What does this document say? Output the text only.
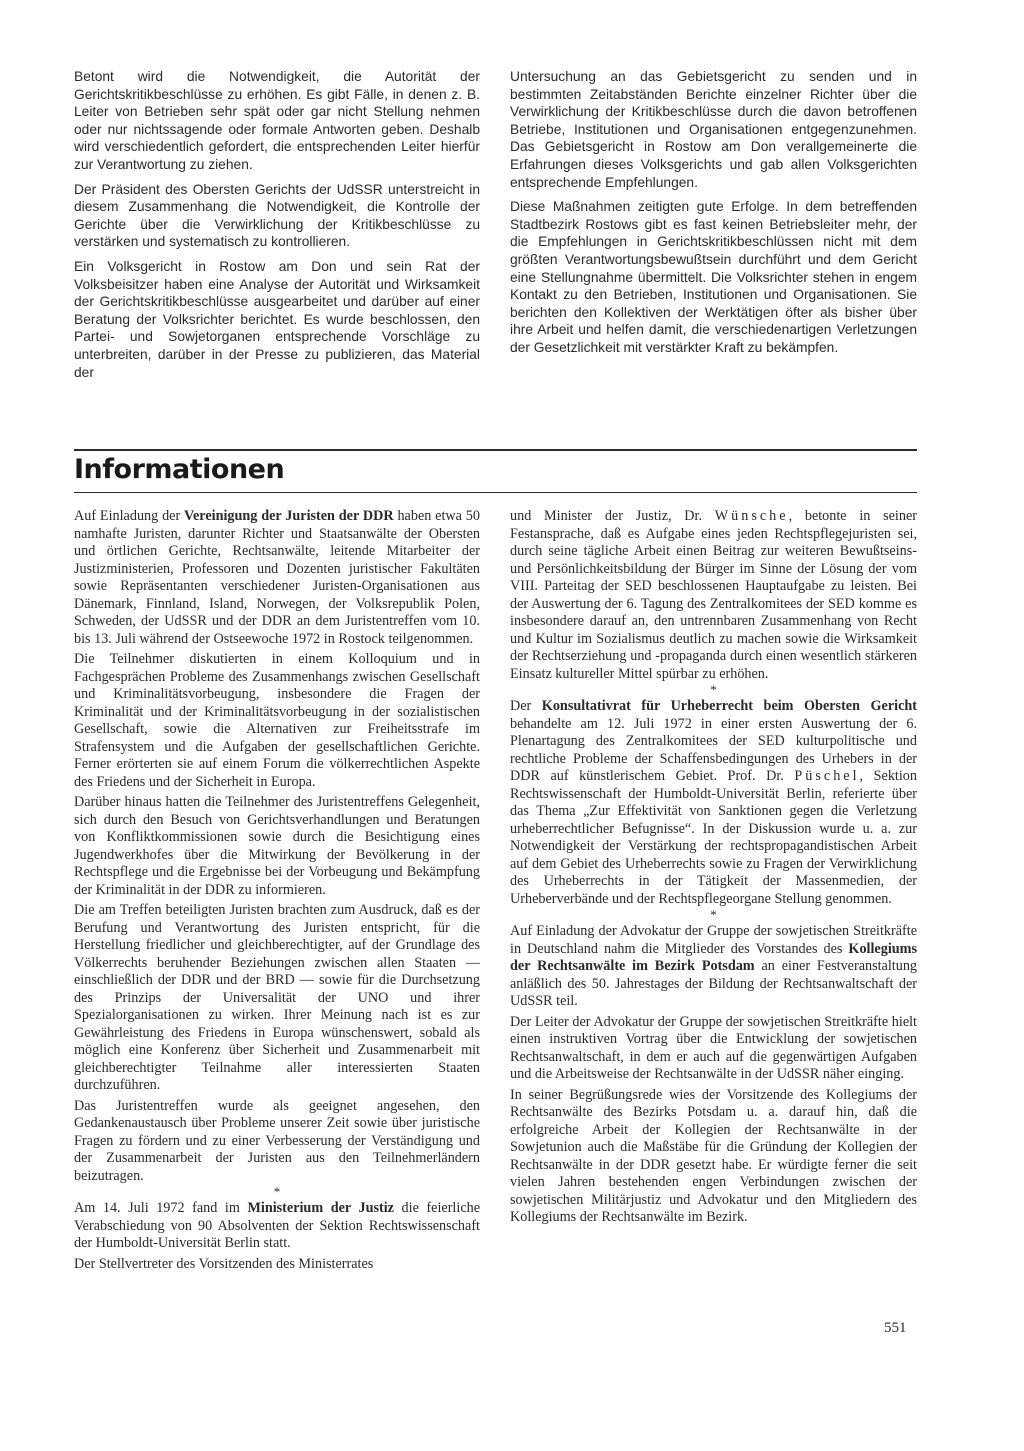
Betont wird die Notwendigkeit, die Autorität der Gerichtskritikbeschlüsse zu erhöhen. Es gibt Fälle, in denen z. B. Leiter von Betrieben sehr spät oder gar nicht Stellung nehmen oder nur nichtssagende oder formale Antworten geben. Deshalb wird verschiedentlich gefordert, die entsprechenden Leiter hierfür zur Verantwortung zu ziehen.

Der Präsident des Obersten Gerichts der UdSSR unterstreicht in diesem Zusammenhang die Notwendigkeit, die Kontrolle der Gerichte über die Verwirklichung der Kritikbeschlüsse zu verstärken und systematisch zu kontrollieren.

Ein Volksgericht in Rostow am Don und sein Rat der Volksbeisitzer haben eine Analyse der Autorität und Wirksamkeit der Gerichtskritikbeschlüsse ausgearbeitet und darüber auf einer Beratung der Volksrichter berichtet. Es wurde beschlossen, den Partei- und Sowjetorganen entsprechende Vorschläge zu unterbreiten, darüber in der Presse zu publizieren, das Material der

Untersuchung an das Gebietsgericht zu senden und in bestimmten Zeitabständen Berichte einzelner Richter über die Verwirklichung der Kritikbeschlüsse durch die davon betroffenen Betriebe, Institutionen und Organisationen entgegenzunehmen. Das Gebietsgericht in Rostow am Don verallgemeinerte die Erfahrungen dieses Volksgerichts und gab allen Volksgerichten entsprechende Empfehlungen.

Diese Maßnahmen zeitigten gute Erfolge. In dem betreffenden Stadtbezirk Rostows gibt es fast keinen Betriebsleiter mehr, der die Empfehlungen in Gerichtskritikbeschlüssen nicht mit dem größten Verantwortungsbewußtsein durchführt und dem Gericht eine Stellungnahme übermittelt. Die Volksrichter stehen in engem Kontakt zu den Betrieben, Institutionen und Organisationen. Sie berichten den Kollektiven der Werktätigen öfter als bisher über ihre Arbeit und helfen damit, die verschiedenartigen Verletzungen der Gesetzlichkeit mit verstärkter Kraft zu bekämpfen.

Informationen

Auf Einladung der Vereinigung der Juristen der DDR haben etwa 50 namhafte Juristen, darunter Richter und Staatsanwälte der Obersten und örtlichen Gerichte, Rechtsanwälte, leitende Mitarbeiter der Justizministerien, Professoren und Dozenten juristischer Fakultäten sowie Repräsentanten verschiedener Juristen-Organisationen aus Dänemark, Finnland, Island, Norwegen, der Volksrepublik Polen, Schweden, der UdSSR und der DDR an dem Juristentreffen vom 10. bis 13. Juli während der Ostseewoche 1972 in Rostock teilgenommen.

Die Teilnehmer diskutierten in einem Kolloquium und in Fachgesprächen Probleme des Zusammenhangs zwischen Gesellschaft und Kriminalitätsvorbeugung, insbesondere die Fragen der Kriminalität und der Kriminalitätsvorbeugung in der sozialistischen Gesellschaft, sowie die Alternativen zur Freiheitsstrafe im Strafensystem und die Aufgaben der gesellschaftlichen Gerichte. Ferner erörterten sie auf einem Forum die völkerrechtlichen Aspekte des Friedens und der Sicherheit in Europa.

Darüber hinaus hatten die Teilnehmer des Juristentreffens Gelegenheit, sich durch den Besuch von Gerichtsverhandlungen und Beratungen von Konfliktkommissionen sowie durch die Besichtigung eines Jugendwerkhofes über die Mitwirkung der Bevölkerung in der Rechtspflege und die Ergebnisse bei der Vorbeugung und Bekämpfung der Kriminalität in der DDR zu informieren.

Die am Treffen beteiligten Juristen brachten zum Ausdruck, daß es der Berufung und Verantwortung des Juristen entspricht, für die Herstellung friedlicher und gleichberechtigter, auf der Grundlage des Völkerrechts beruhender Beziehungen zwischen allen Staaten — einschließlich der DDR und der BRD — sowie für die Durchsetzung des Prinzips der Universalität der UNO und ihrer Spezialorganisationen zu wirken. Ihrer Meinung nach ist es zur Gewährleistung des Friedens in Europa wünschenswert, sobald als möglich eine Konferenz über Sicherheit und Zusammenarbeit mit gleichberechtigter Teilnahme aller interessierten Staaten durchzuführen.

Das Juristentreffen wurde als geeignet angesehen, den Gedankenaustausch über Probleme unserer Zeit sowie über juristische Fragen zu fördern und zu einer Verbesserung der Verständigung und der Zusammenarbeit der Juristen aus den Teilnehmerländern beizutragen.

*

Am 14. Juli 1972 fand im Ministerium der Justiz die feierliche Verabschiedung von 90 Absolventen der Sektion Rechtswissenschaft der Humboldt-Universität Berlin statt.

Der Stellvertreter des Vorsitzenden des Ministerrates

und Minister der Justiz, Dr. Wünsche, betonte in seiner Festansprache, daß es Aufgabe eines jeden Rechtspflegejuristen sei, durch seine tägliche Arbeit einen Beitrag zur weiteren Bewußtseins- und Persönlichkeitsbildung der Bürger im Sinne der Lösung der vom VIII. Parteitag der SED beschlossenen Hauptaufgabe zu leisten. Bei der Auswertung der 6. Tagung des Zentralkomitees der SED komme es insbesondere darauf an, den untrennbaren Zusammenhang von Recht und Kultur im Sozialismus deutlich zu machen sowie die Wirksamkeit der Rechtserziehung und -propaganda durch einen wesentlich stärkeren Einsatz kultureller Mittel spürbar zu erhöhen.

*

Der Konsultativrat für Urheberrecht beim Obersten Gericht behandelte am 12. Juli 1972 in einer ersten Auswertung der 6. Plenartagung des Zentralkomitees der SED kulturpolitische und rechtliche Probleme der Schaffensbedingungen des Urhebers in der DDR auf künstlerischem Gebiet. Prof. Dr. Püschel, Sektion Rechtswissenschaft der Humboldt-Universität Berlin, referierte über das Thema „Zur Effektivität von Sanktionen gegen die Verletzung urheberrechtlicher Befugnisse“. In der Diskussion wurde u. a. zur Notwendigkeit der Verstärkung der rechtspropagandistischen Arbeit auf dem Gebiet des Urheberrechts sowie zu Fragen der Verwirklichung des Urheberrechts in der Tätigkeit der Massenmedien, der Urheberverbände und der Rechtspflegeorgane Stellung genommen.

*

Auf Einladung der Advokatur der Gruppe der sowjetischen Streitkräfte in Deutschland nahm die Mitglieder des Vorstandes des Kollegiums der Rechtsanwälte im Bezirk Potsdam an einer Festveranstaltung anläßlich des 50. Jahrestages der Bildung der Rechtsanwaltschaft der UdSSR teil.

Der Leiter der Advokatur der Gruppe der sowjetischen Streitkräfte hielt einen instruktiven Vortrag über die Entwicklung der sowjetischen Rechtsanwaltschaft, in dem er auch auf die gegenwärtigen Aufgaben und die Arbeitsweise der Rechtsanwälte in der UdSSR näher einging.

In seiner Begrüßungsrede wies der Vorsitzende des Kollegiums der Rechtsanwälte des Bezirks Potsdam u. a. darauf hin, daß die erfolgreiche Arbeit der Kollegien der Rechtsanwälte in der Sowjetunion auch die Maßstäbe für die Gründung der Kollegien der Rechtsanwälte in der DDR gesetzt habe. Er würdigte ferner die seit vielen Jahren bestehenden engen Verbindungen zwischen der sowjetischen Militärjustiz und Advokatur und den Mitgliedern des Kollegiums der Rechtsanwälte im Bezirk.

551
